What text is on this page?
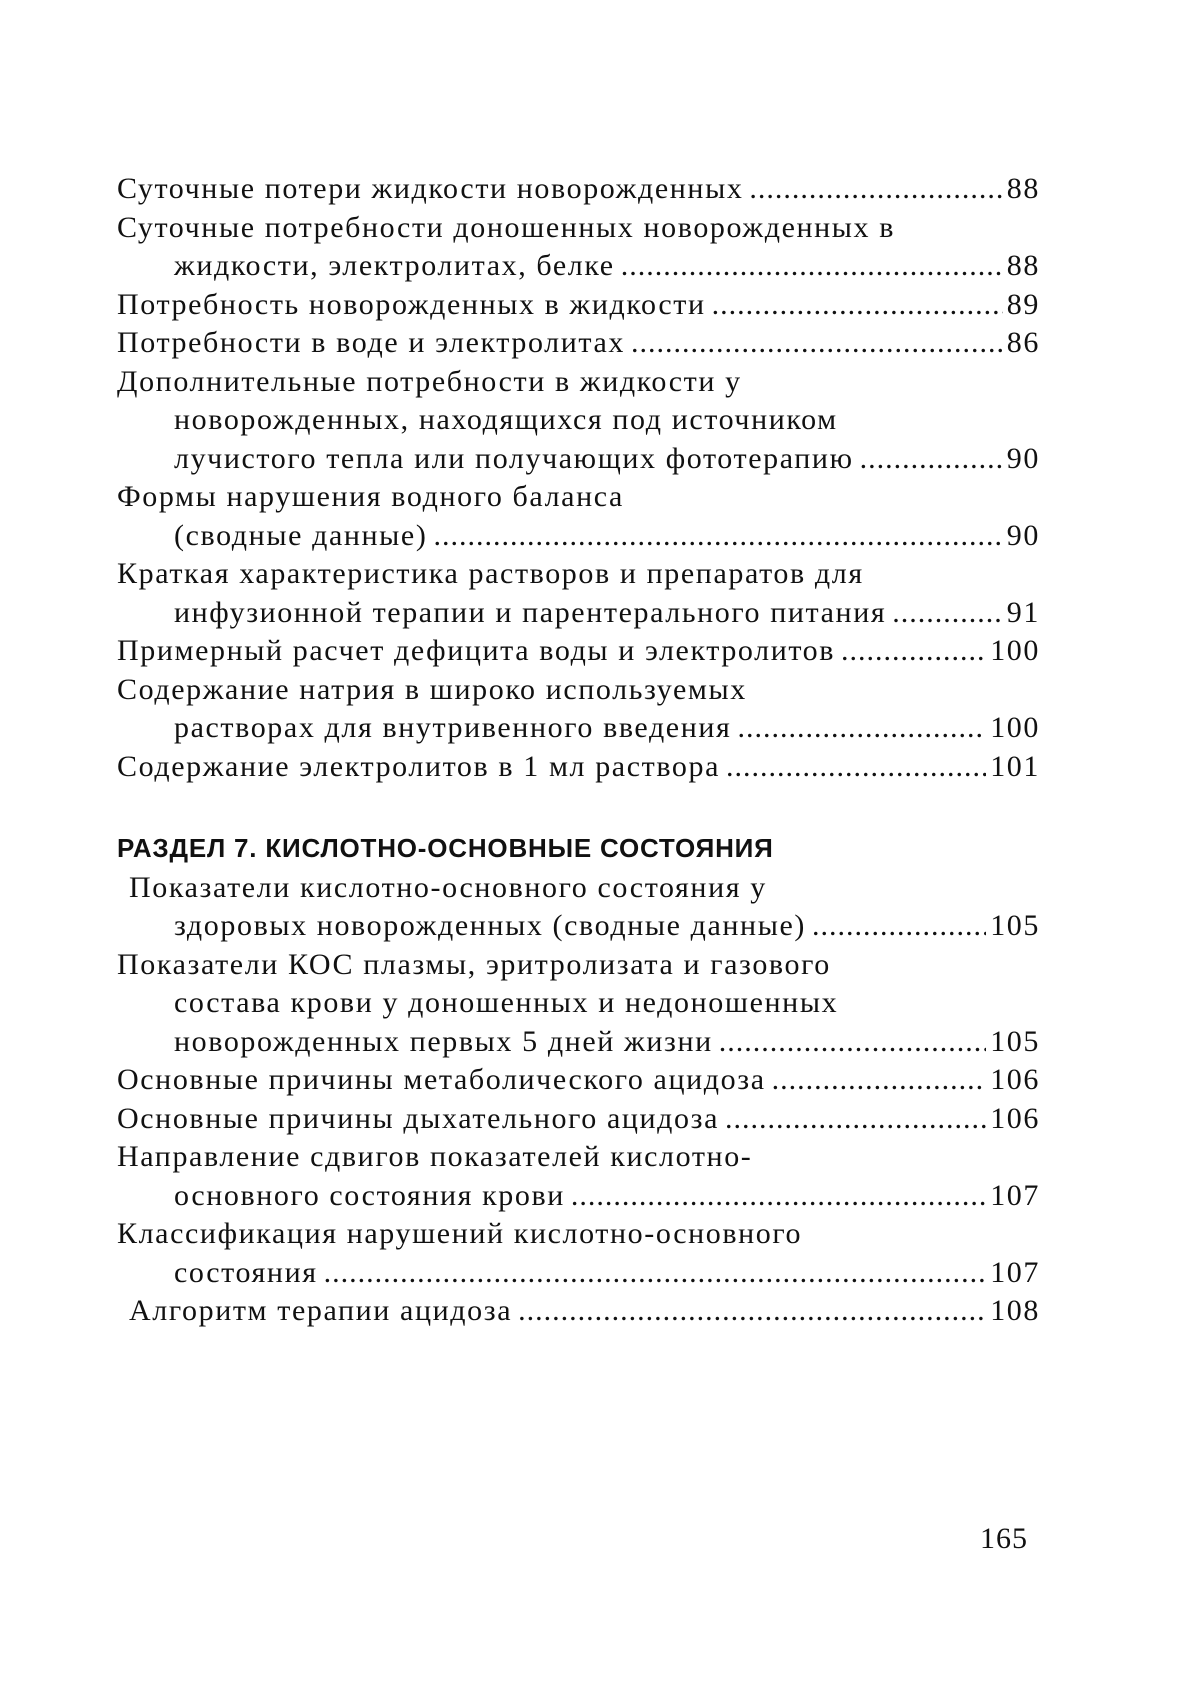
Суточные потери жидкости новорожденных .....	88
Суточные потребности доношенных новорожденных в
жидкости, электролитах, белке .....	88
Потребность новорожденных в жидкости .....	89
Потребности в воде и электролитах .....	86
Дополнительные потребности в жидкости у
новорожденных, находящихся под источником
лучистого тепла или получающих фототерапию .....	90
Формы нарушения водного баланса
(сводные данные) .....	90
Краткая характеристика растворов и препаратов для
инфузионной терапии и парентерального питания .....	91
Примерный расчет дефицита воды и электролитов .....	100
Содержание натрия в широко используемых
растворах для внутривенного введения .....	100
Содержание электролитов в 1 мл раствора .....	101
РАЗДЕЛ 7. КИСЛОТНО-ОСНОВНЫЕ СОСТОЯНИЯ
Показатели кислотно-основного состояния у
здоровых новорожденных (сводные данные) .....	105
Показатели КОС плазмы, эритролизата и газового
состава крови у доношенных и недоношенных
новорожденных первых 5 дней жизни .....	105
Основные причины метаболического ацидоза .....	106
Основные причины дыхательного ацидоза .....	106
Направление сдвигов показателей кислотно-
основного состояния крови .....	107
Классификация нарушений кислотно-основного
состояния .....	107
Алгоритм терапии ацидоза .....	108
165
